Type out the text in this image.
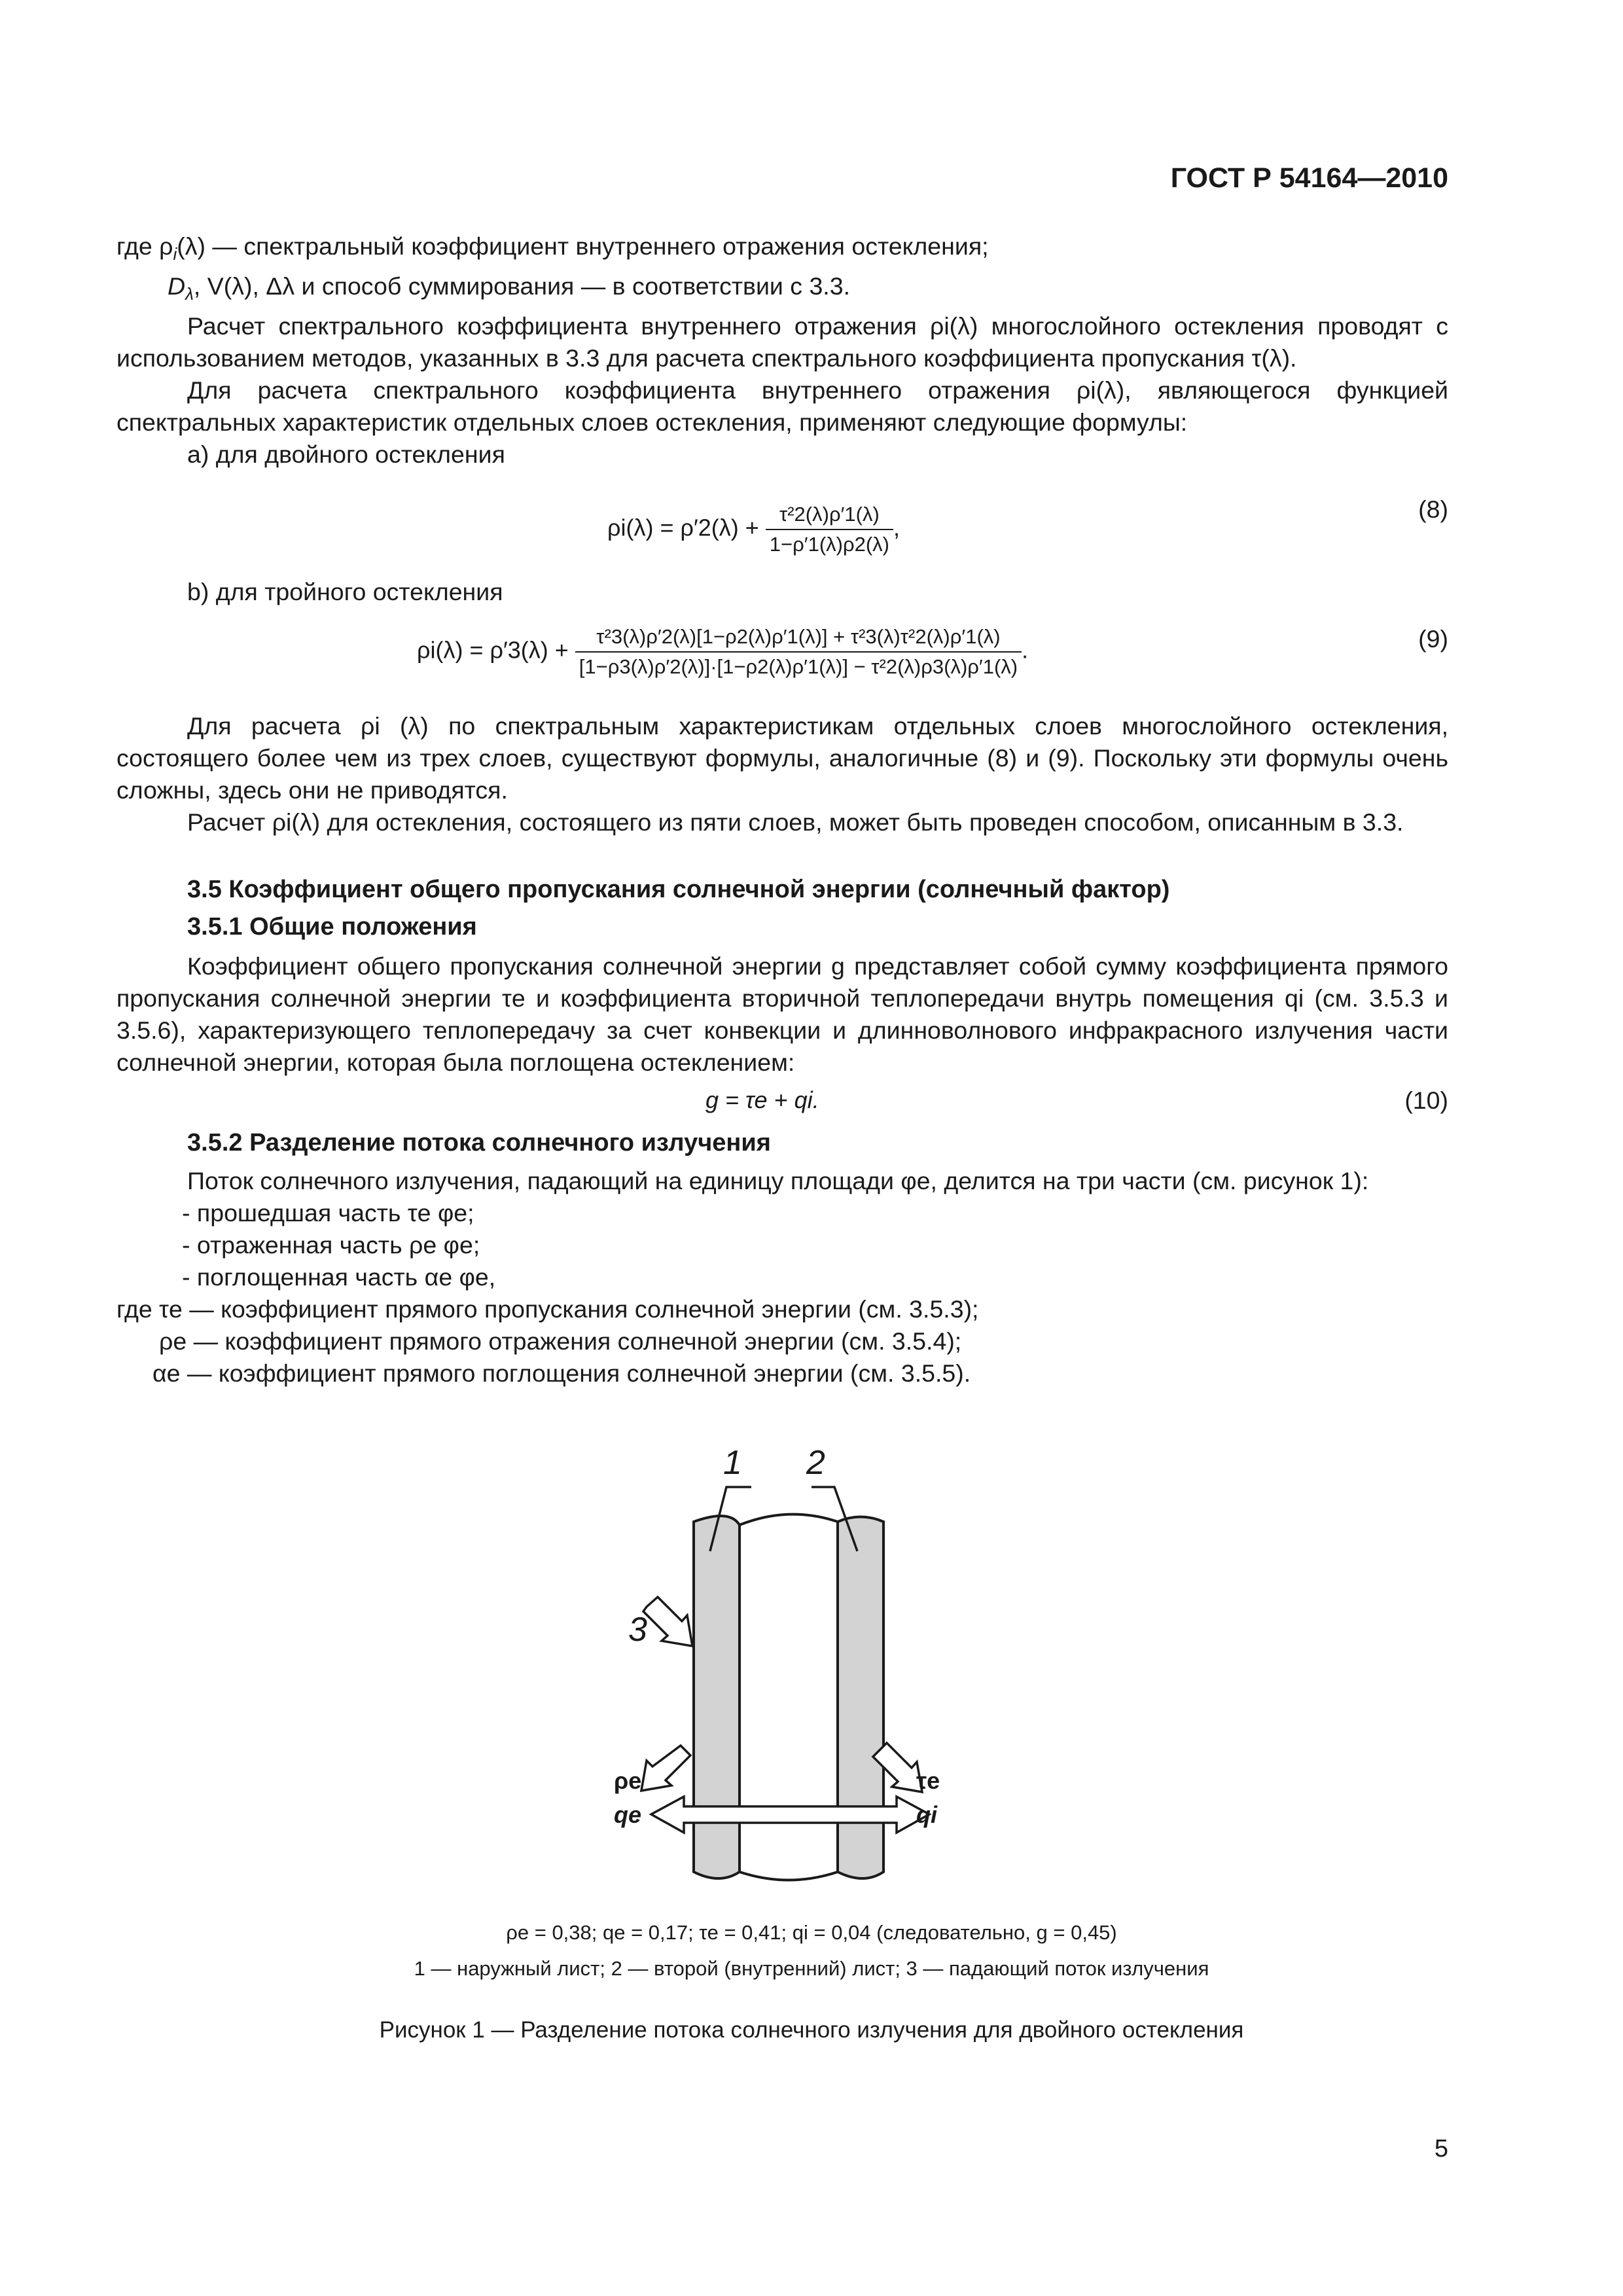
ГОСТ Р 54164—2010

где $\rho_i(\lambda)$ — спектральный коэффициент внутреннего отражения остекления;

$D_\lambda$, V(λ), Δλ и способ суммирования — в соответствии с 3.3.

Расчет спектрального коэффициента внутреннего отражения ρi(λ) многослойного остекления проводят с использованием методов, указанных в 3.3 для расчета спектрального коэффициента пропускания τ(λ).

Для расчета спектрального коэффициента внутреннего отражения ρi(λ), являющегося функцией спектральных характеристик отдельных слоев остекления, применяют следующие формулы:

a) для двойного остекления

$\rho i(\lambda) = \rho'2(\lambda) + \frac{\text{τ²2(λ)ρ′1(λ)}}{1-\rho'1(\lambda)\rho 2(\lambda)}$ ,
(8)

b) для тройного остекления

$\rho i(\lambda) = \rho'3(\lambda) + \frac{\text{τ²3(λ)ρ′2(λ)[1−ρ2(λ)ρ′1(λ)] + τ²3(λ)τ²2(λ)ρ′1(λ)}}{\text{[1−ρ3(λ)ρ′2(λ)]·[1−ρ2(λ)ρ′1(λ)] − τ²2(λ)ρ3(λ)ρ′1(λ)}}$ .	(9)

Для расчета ρi (λ) по спектральным характеристикам отдельных слоев многослойного остекления, состоящего более чем из трех слоев, существуют формулы, аналогичные (8) и (9). Поскольку эти формулы очень сложны, здесь они не приводятся.

Расчет ρi(λ) для остекления, состоящего из пяти слоев, может быть проведен способом, описанным в 3.3.

3.5 Коэффициент общего пропускания солнечной энергии (солнечный фактор)
3.5.1 Общие положения

Коэффициент общего пропускания солнечной энергии g представляет собой сумму коэффициента прямого пропускания солнечной энергии τe и коэффициента вторичной теплопередачи внутрь помещения qi (см. 3.5.3 и 3.5.6), характеризующего теплопередачу за счет конвекции и длинноволнового инфракрасного излучения части солнечной энергии, которая была поглощена остеклением:

g = τe + qi.	(10)
3.5.2 Разделение потока солнечного излучения

Поток солнечного излучения, падающий на единицу площади φe, делится на три части (см. рисунок 1):

- прошедшая часть τe φe;

- отраженная часть ρe φe;

- поглощенная часть αe φe,

где τe — коэффициент прямого пропускания солнечной энергии (см. 3.5.3);

ρe — коэффициент прямого отражения солнечной энергии (см. 3.5.4);

αe — коэффициент прямого поглощения солнечной энергии (см. 3.5.5).

1 2
3
ρe
qe
τe
qi
ρe = 0,38; qe = 0,17; τe = 0,41; qi = 0,04 (следовательно, g = 0,45)
1 — наружный лист; 2 — второй (внутренний) лист; 3 — падающий поток излучения
Рисунок 1 — Разделение потока солнечного излучения для двойного остекления
5
